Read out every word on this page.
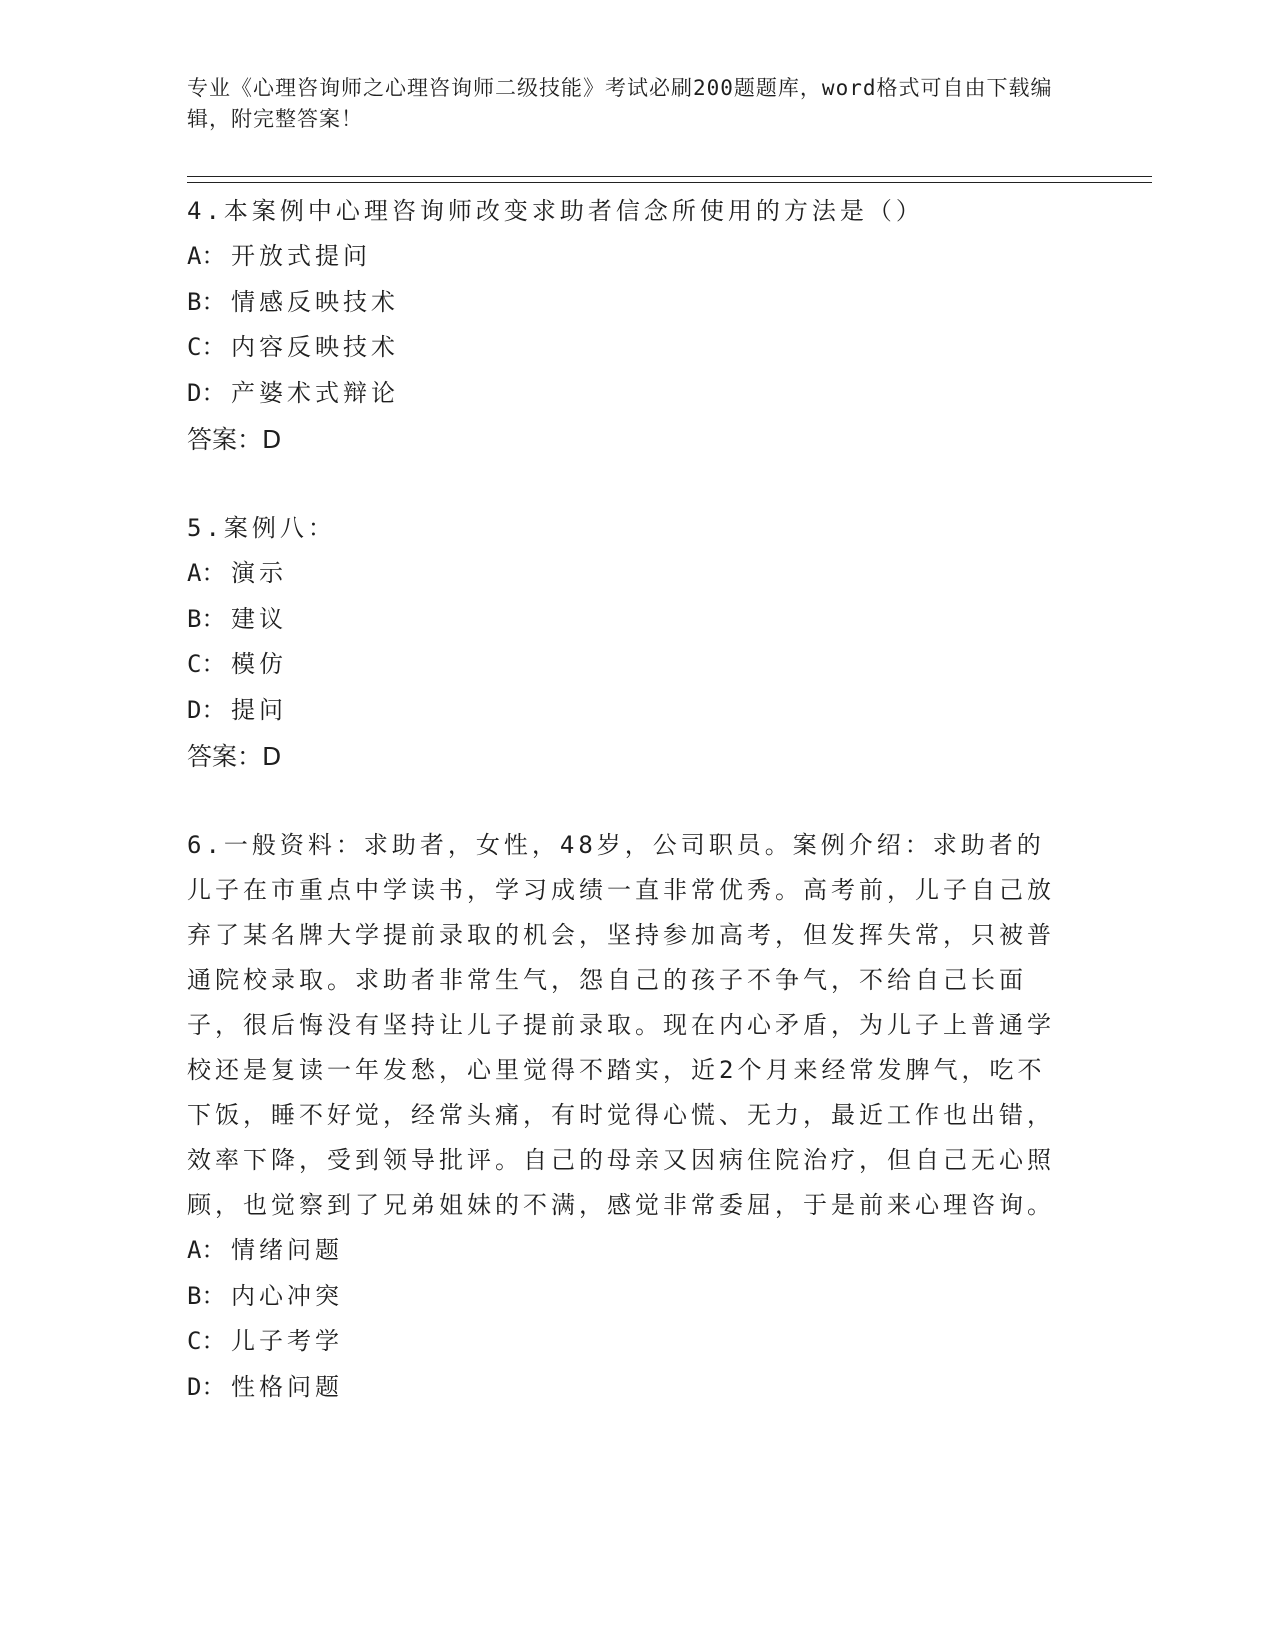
专业《心理咨询师之心理咨询师二级技能》考试必刷200题题库，word格式可自由下载编辑，附完整答案！

4.本案例中心理咨询师改变求助者信念所使用的方法是（）

A： 开放式提问

B： 情感反映技术

C： 内容反映技术

D： 产婆术式辩论

答案：D

5.案例八：

A： 演示

B： 建议

C： 模仿

D： 提问

答案：D

6.一般资料：求助者，女性，48岁，公司职员。案例介绍：求助者的儿子在市重点中学读书，学习成绩一直非常优秀。高考前，儿子自己放弃了某名牌大学提前录取的机会，坚持参加高考，但发挥失常，只被普通院校录取。求助者非常生气，怨自己的孩子不争气，不给自己长面子，很后悔没有坚持让儿子提前录取。现在内心矛盾，为儿子上普通学校还是复读一年发愁，心里觉得不踏实，近2个月来经常发脾气，吃不下饭，睡不好觉，经常头痛，有时觉得心慌、无力，最近工作也出错，效率下降，受到领导批评。自己的母亲又因病住院治疗，但自己无心照顾，也觉察到了兄弟姐妹的不满，感觉非常委屈，于是前来心理咨询。

A： 情绪问题

B： 内心冲突

C： 儿子考学

D： 性格问题
